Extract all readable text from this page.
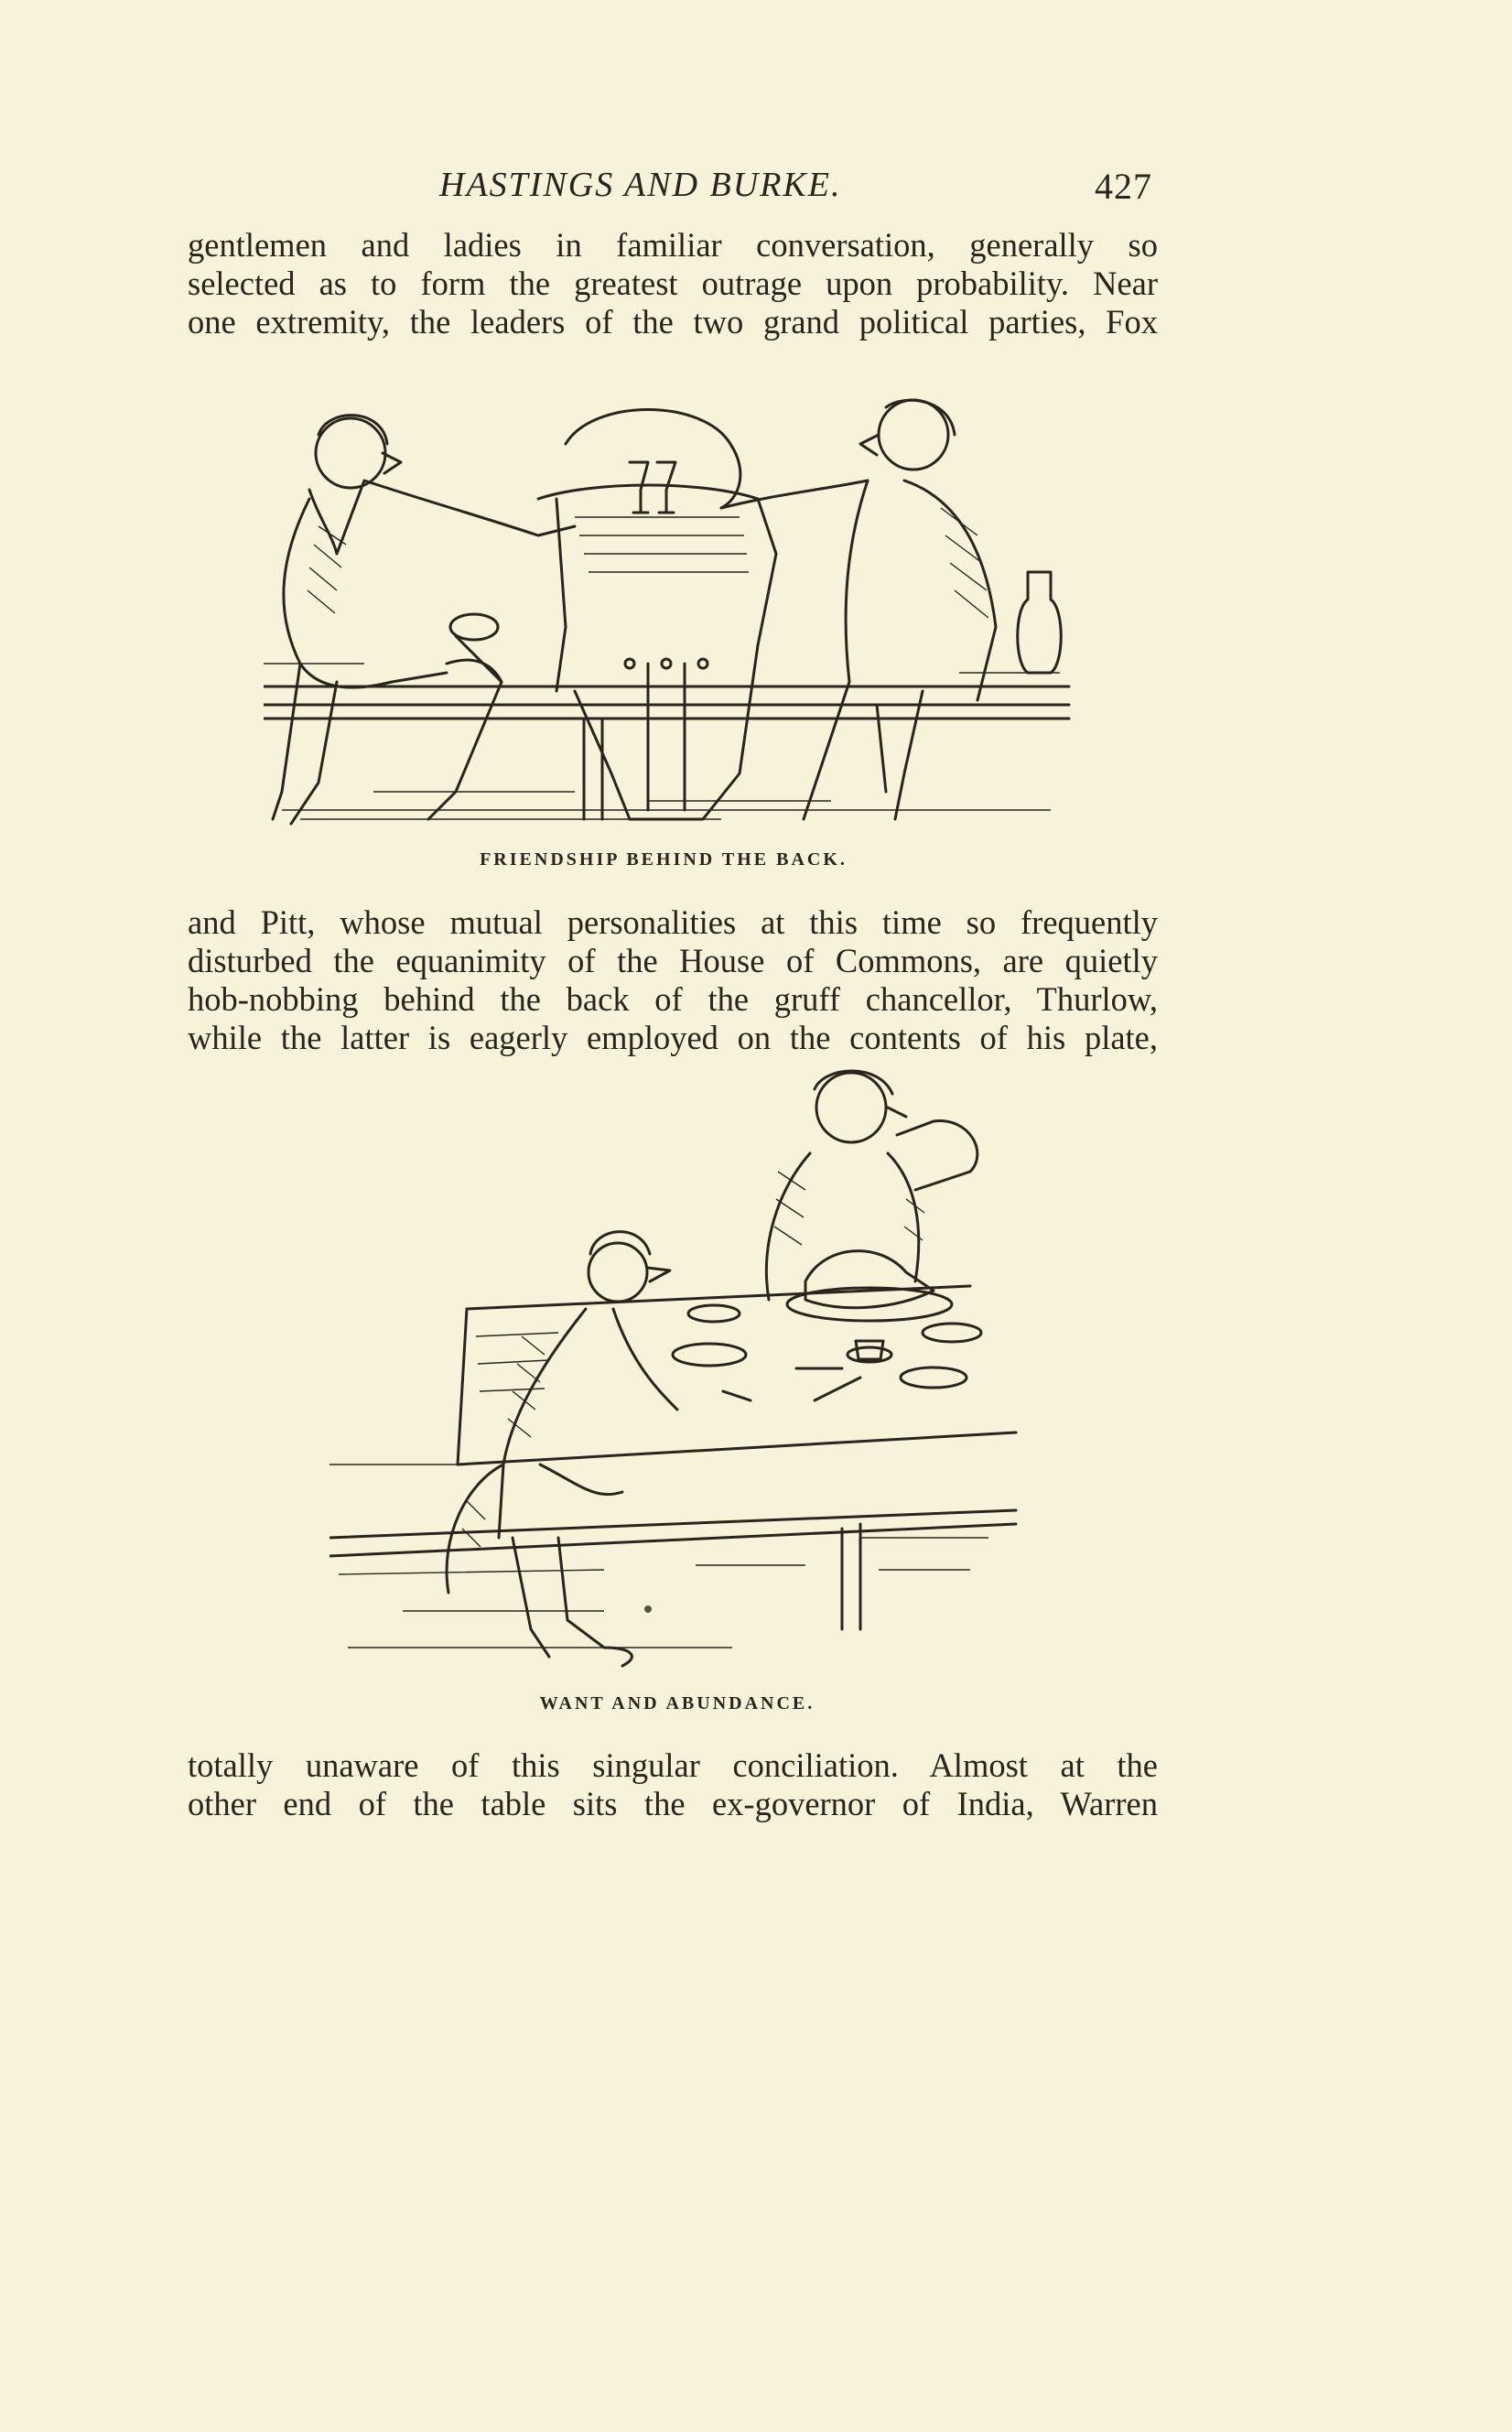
HASTINGS AND BURKE.	427

gentlemen and ladies in familiar conversation, generally so
selected as to form the greatest outrage upon probability. Near
one extremity, the leaders of the two grand political parties, Fox

FRIENDSHIP BEHIND THE BACK.

and Pitt, whose mutual personalities at this time so frequently
disturbed the equanimity of the House of Commons, are quietly
hob-nobbing behind the back of the gruff chancellor, Thurlow,
while the latter is eagerly employed on the contents of his plate,

WANT AND ABUNDANCE.

totally unaware of this singular conciliation. Almost at the
other end of the table sits the ex-governor of India, Warren
